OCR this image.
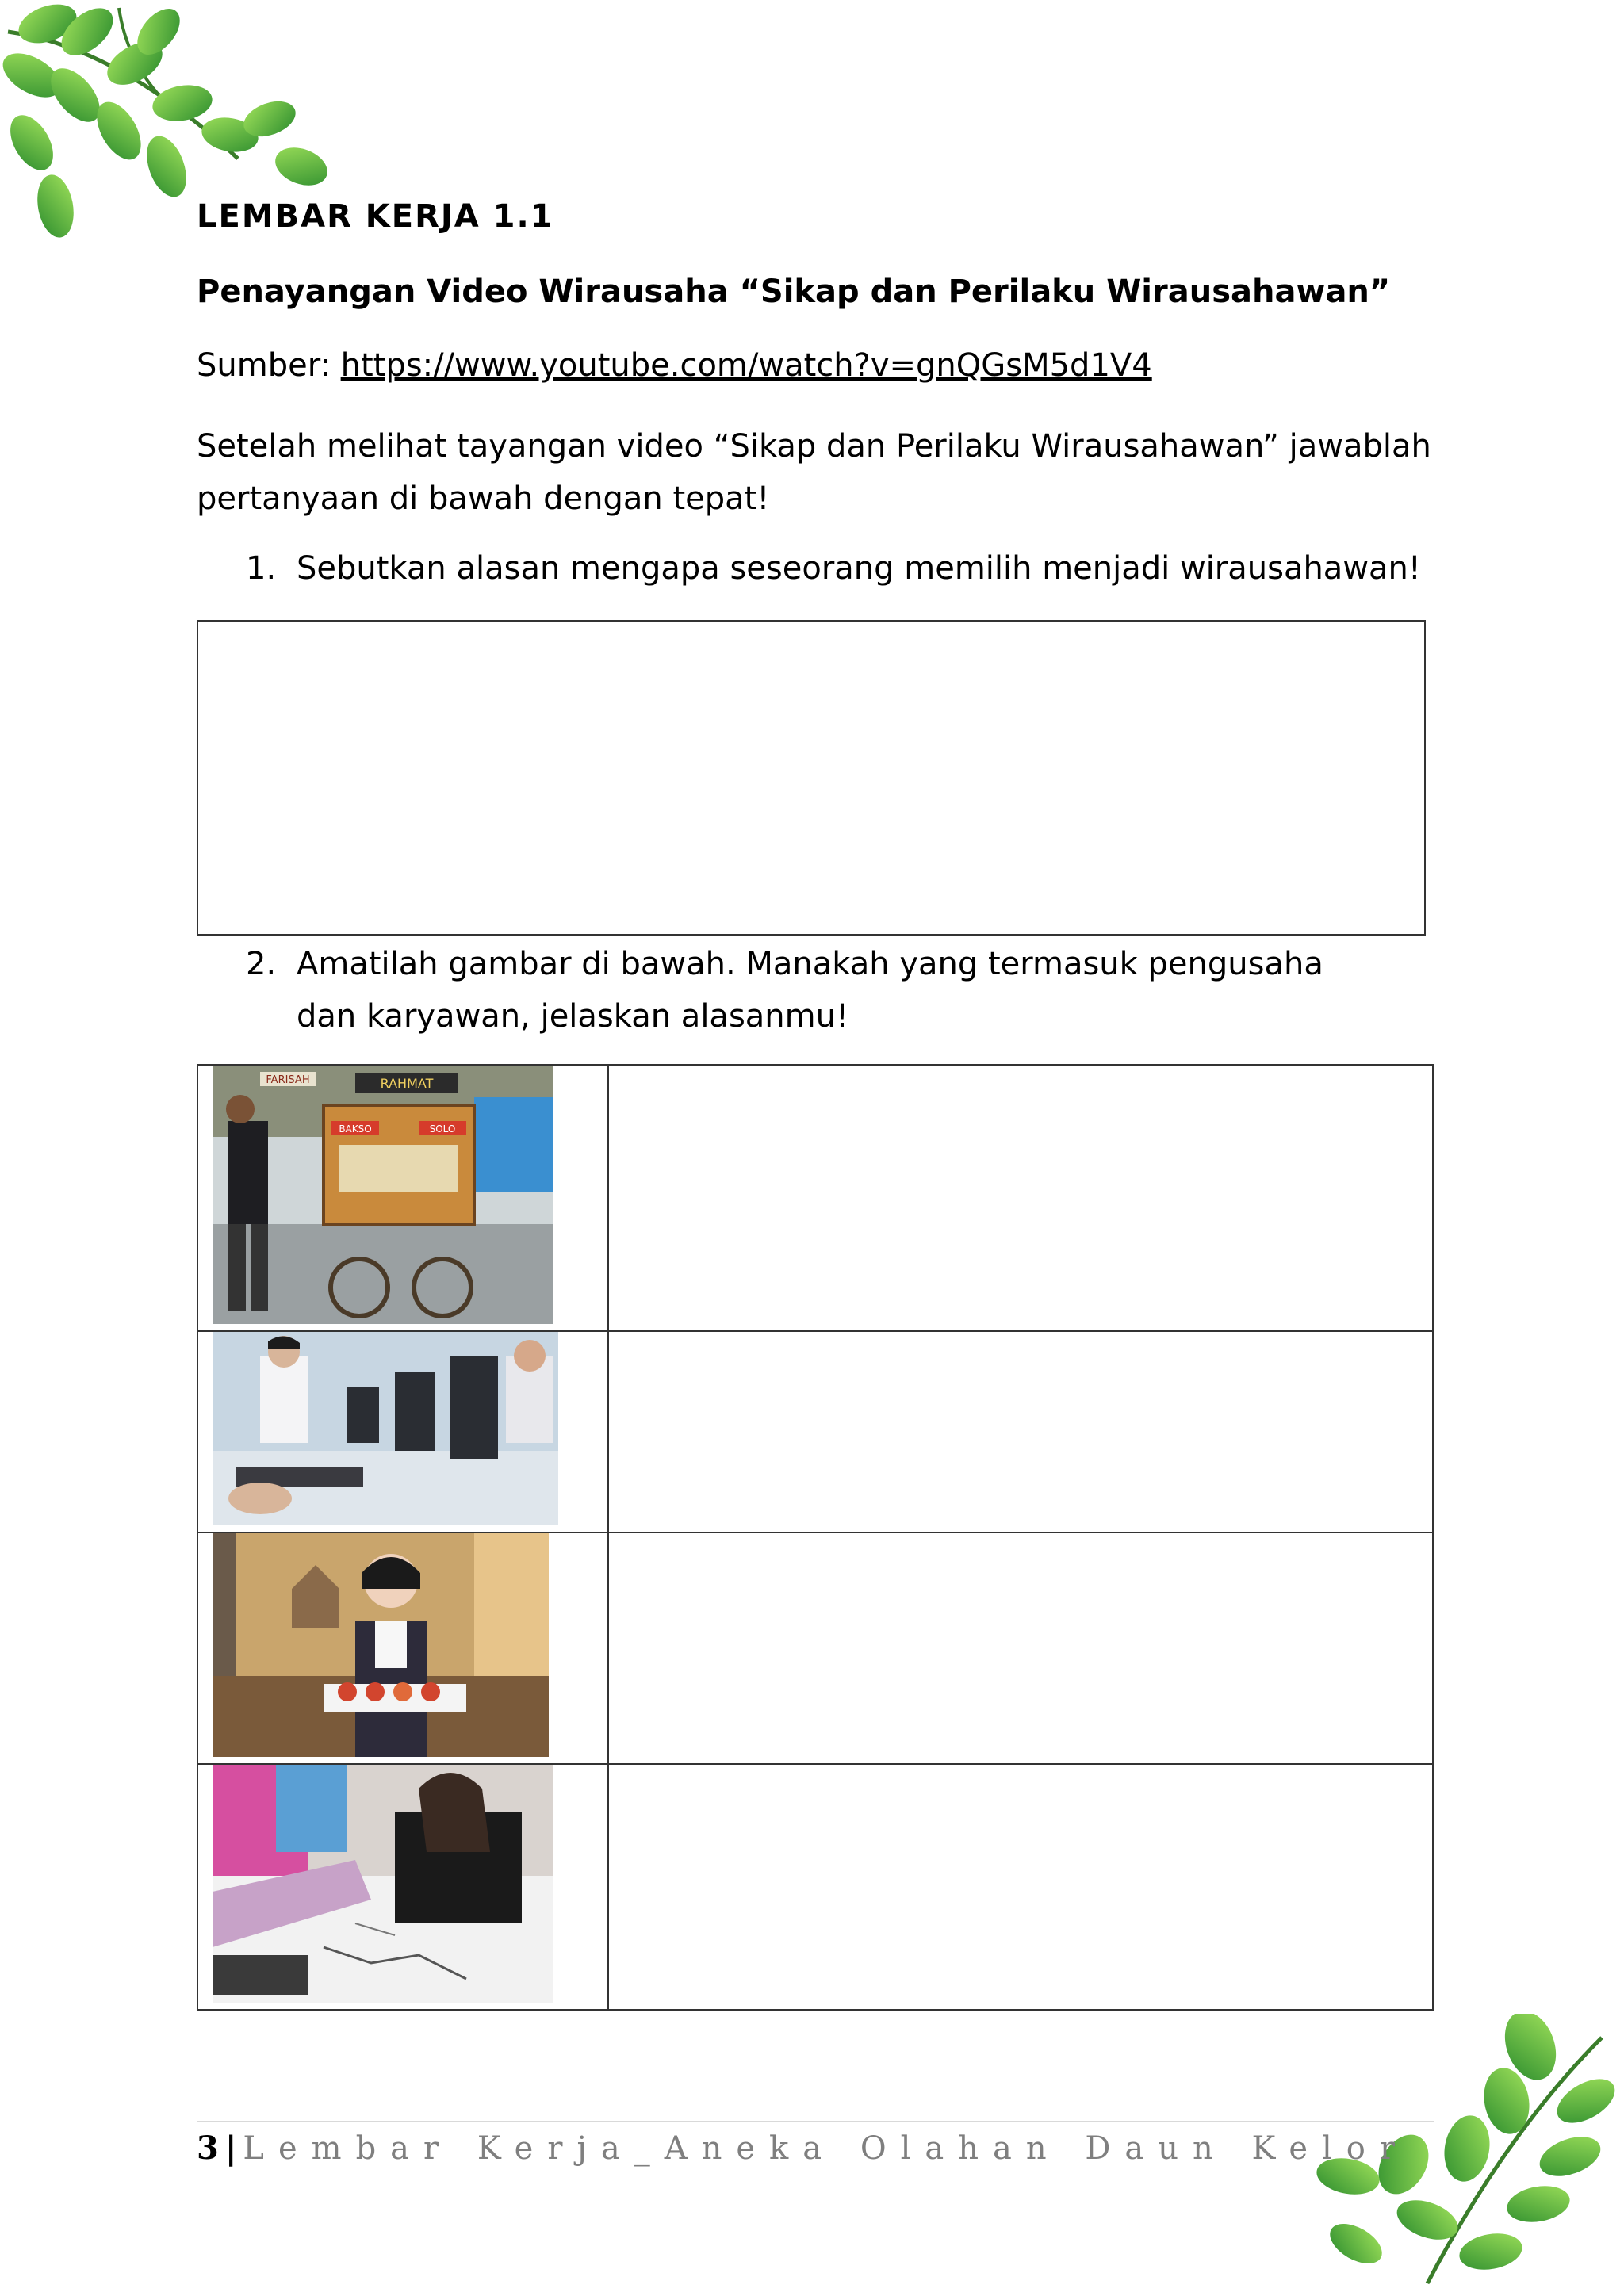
LEMBAR KERJA 1.1
Penayangan Video Wirausaha “Sikap dan Perilaku Wirausahawan”
Sumber: https://www.youtube.com/watch?v=gnQGsM5d1V4
Setelah melihat tayangan video “Sikap dan Perilaku Wirausahawan” jawablah pertanyaan di bawah dengan tepat!
1. Sebutkan alasan mengapa seseorang memilih menjadi wirausahawan!
2. Amatilah gambar di bawah. Manakah yang termasuk pengusaha dan karyawan, jelaskan alasanmu!
FARISAH RAHMAT
BAKSO SOLO	

3 | Lembar Kerja_Aneka Olahan Daun Kelor
